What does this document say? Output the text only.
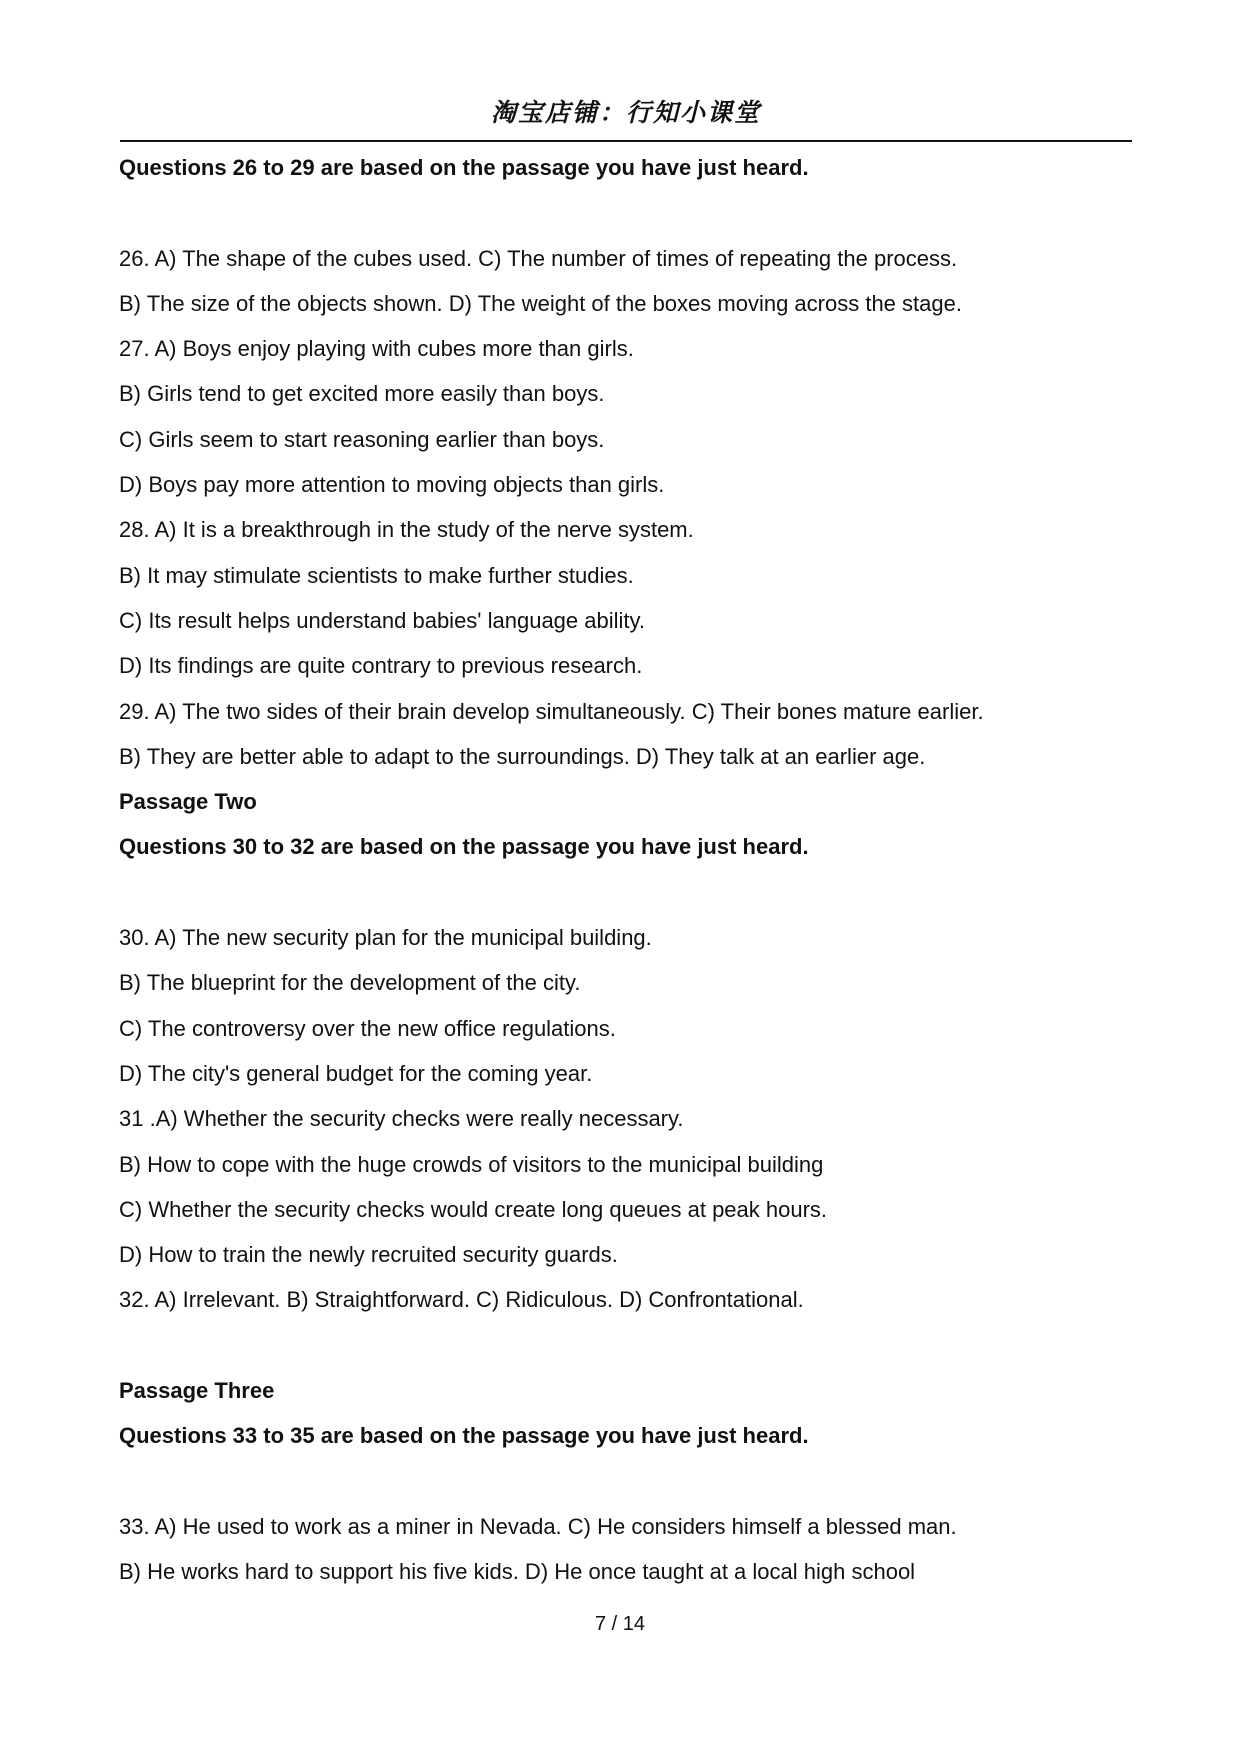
淘宝店铺：行知小课堂
Questions 26 to 29 are based on the passage you have just heard.
26. A) The shape of the cubes used. C) The number of times of repeating the process.
B) The size of the objects shown. D) The weight of the boxes moving across the stage.
27. A) Boys enjoy playing with cubes more than girls.
B) Girls tend to get excited more easily than boys.
C) Girls seem to start reasoning earlier than boys.
D) Boys pay more attention to moving objects than girls.
28. A) It is a breakthrough in the study of the nerve system.
B) It may stimulate scientists to make further studies.
C) Its result helps understand babies' language ability.
D) Its findings are quite contrary to previous research.
29. A) The two sides of their brain develop simultaneously. C) Their bones mature earlier.
B) They are better able to adapt to the surroundings. D) They talk at an earlier age.
Passage Two
Questions 30 to 32 are based on the passage you have just heard.
30. A) The new security plan for the municipal building.
B) The blueprint for the development of the city.
C) The controversy over the new office regulations.
D) The city's general budget for the coming year.
31 .A) Whether the security checks were really necessary.
B) How to cope with the huge crowds of visitors to the municipal building
C) Whether the security checks would create long queues at peak hours.
D) How to train the newly recruited security guards.
32. A) Irrelevant. B) Straightforward. C) Ridiculous. D) Confrontational.
Passage Three
Questions 33 to 35 are based on the passage you have just heard.
33. A) He used to work as a miner in Nevada. C) He considers himself a blessed man.
B) He works hard to support his five kids. D) He once taught at a local high school
7 / 14
